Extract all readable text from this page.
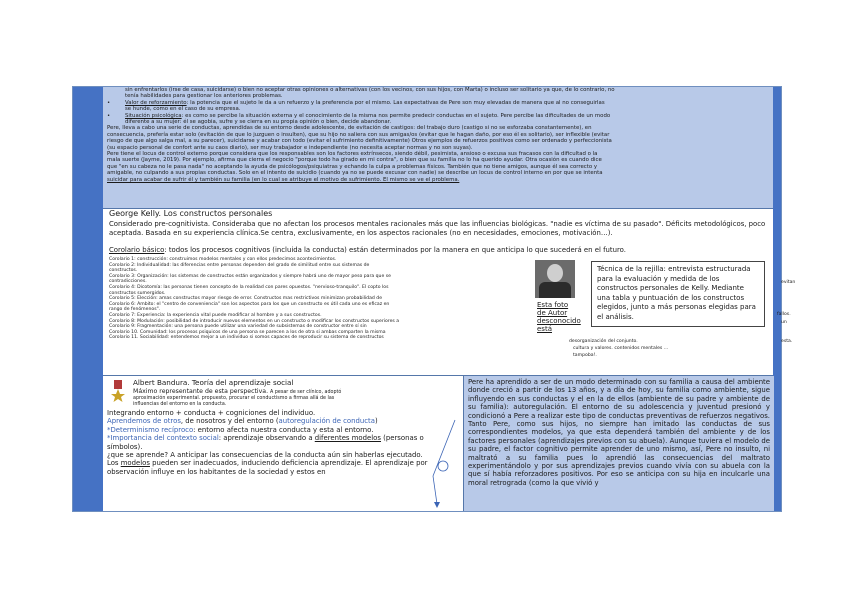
sin enfrentarlos (irse de casa, suicidarse) o bien no aceptar otras opiniones o alternativas (con los vecinos, con sus hijos, con Marta) o incluso ser solitario ya que, de lo contrario, no
tenía habilidades para gestionar los anteriores problemas.
• Valor de reforzamiento: la potencia que el sujeto le da a un refuerzo y la preferencia por el mismo. Las expectativas de Pere son muy elevadas de manera que al no conseguirlas
se hunde, como en el caso de su empresa.
• Situación psicológica: es como se percibe la situación externa y el conocimiento de la misma nos permite predecir conductas en el sujeto. Pere percibe las dificultades de un modo
diferente a su mujer: él se agobia, sufre y se cierra en su propia opinión o bien, decide abandonar.
Pere, lleva a cabo una serie de conductas, aprendidas de su entorno desde adolescente, de evitación de castigos: del trabajo duro (castigo si no se esforzaba constantemente), en
consecuencia, prefería estar solo (evitación de que lo juzguen o insulten), que su hijo no saliera con sus amigas/os (evitar que le hagan daño, por eso él es solitario), ser inflexible (evitar
riesgo de que algo salga mal, a su parecer), suicidarse y acabar con todo (evitar el sufrimiento definitivamente) Otros ejemplos de refuerzos positivos como ser ordenado y perfeccionista
(su espacio personal de confort ante su caos diario), ser muy trabajador e independiente (no necesita aceptar normas y no son suyas).
Pere tiene el locus de control externo porque considera que los responsables son los factores extrínsecos, siendo débil, pesimista, ansioso o excusa sus fracasos con la dificultad o la
mala suerte (Jayme, 2019). Por ejemplo, afirma que cierra el negocio "porque todo ha girado en mi contra", o bien que su familia no lo ha querido ayudar. Otra ocasión es cuando dice
que "en su cabeza no le pasa nada" no aceptando la ayuda de psicólogos/psiquiatras y echando la culpa a problemas físicos. También que no tiene amigos, aunque él sea correcto y
amigable, no culpando a sus propias conductas. Solo en el intento de suicidio (cuando ya no se puede excusar con nadie) se describe un locus de control interno en por que se intenta
suicidar para acabar de sufrir él y también su familia (en lo cual se atribuye el motivo de sufrimiento. El mismo se ve el problema.
George Kelly. Los constructos personales
Considerado pre-cognitivista. Consideraba que no afectan los procesos mentales racionales más que las influencias biológicas. "nadie es víctima de su pasado". Déficits metodológicos, poco aceptada. Basada en su experiencia clínica.Se centra, exclusivamente, en los aspectos racionales (no en necesidades, emociones, motivación…).
Corolario básico: todos los procesos cognitivos (incluida la conducta) están determinados por la manera en que anticipa lo que sucederá en el futuro.
Corolario 1: construcción: construimos modelos mentales y con ellos predecimos acontecimientos.
Corolario 2: Individualidad: las diferencias entre personas dependen del grado de similitud entre sus sistemas de
constructos.
Corolario 3: Organización: los sistemas de constructos están organizados y siempre habrá uno de mayor peso para que se
contradicciones.
Corolario 4: Dicotomía: las personas tienen concepto de la realidad con pares opuestos. "nervioso-tranquilo". El copto los
constructos sumergidos.
Corolario 5: Elección: amas constructos mayor riesgo de error. Constructos mas restrictivos minimizan probabilidad de
Corolario 6: Ambito: el "centro de conveniencia" son los aspectos para los que un constructo es útil cada uno es eficaz en
rango de fenómenos".
Corolario 7: Experiencia: la experiencia vital puede modificar al hombre y a sus constructos.
Corolario 8: Modulación: posibilidad de introducir nuevos elementos en un constructo o modificar los constructos superiores a
Corolario 9: Fragmentación: una persona puede utilizar una variedad de subsistemas de constructor entre sí sin
Corolario 10. Comunidad: los procesos psiquicos de una persona se parecen a los de otra si ambas comparten la misma
Corolario 11. Sociabilidad: entendemos mejor a un individuo si somos capaces de reproducir su sistema de constructos
Esta foto de Autor desconocido está
Técnica de la rejilla: entrevista estructurada para la evaluación y medida de los constructos personales de Kelly. Mediante una tabla y puntuación de los constructos elegidos, junto a más personas elegidas para el análisis.
evitan
fallos.
un
esta.
desorganización del conjunto.
cultura y valores. contenidos mentales ...
tampoba!.
Albert Bandura. Teoría del aprendizaje social
Máximo representante de esta perspectiva. A pesar de ser clínico, adoptó
aproximación experimental. propuesto, procurar el conductismo a firmas allá de las influencias del entorno en la conducta.
Integrando entorno + conducta + cogniciones del individuo.
Aprendemos de otros, de nosotros y del entorno (autoregulación de conducta)
*Determinismo recíproco: entorno afecta nuestra conducta y esta al entorno.
*Importancia del contexto social: aprendizaje observando a diferentes modelos (personas o símbolos).
¿que se aprende? A anticipar las consecuencias de la conducta aún sin haberlas ejecutado.
Los modelos pueden ser inadecuados, induciendo deficiencia aprendizaje. El aprendizaje por observación influye en los habitantes de la sociedad y estos en
Pere ha aprendido a ser de un modo determinado con su familia a causa del ambiente donde creció a partir de los 13 años, y a día de hoy, su familia como ambiente, sigue influyendo en sus conductas y el en la de ellos (ambiente de su padre y ambiente de su familia): autoregulación. El entorno de su adolescencia y juventud presionó y condicionó a Pere a realizar este tipo de conductas preventivas de refuerzos negativos. Tanto Pere, como sus hijos, no siempre han imitado las conductas de sus correspondientes modelos, ya que esta dependerá también del ambiente y de los factores personales (aprendizajes previos con su abuela). Aunque tuviera el modelo de su padre, el factor cognitivo permite aprender de uno mismo, así, Pere no insulto, ni maltrató a su familia pues lo aprendió las consecuencias del maltrato experimentándolo y por sus aprendizajes previos cuando vivía con su abuela con la que sí había reforzadores positivos. Por eso se anticipa con su hija en inculcarle una moral retrograda (como la que vivió y
